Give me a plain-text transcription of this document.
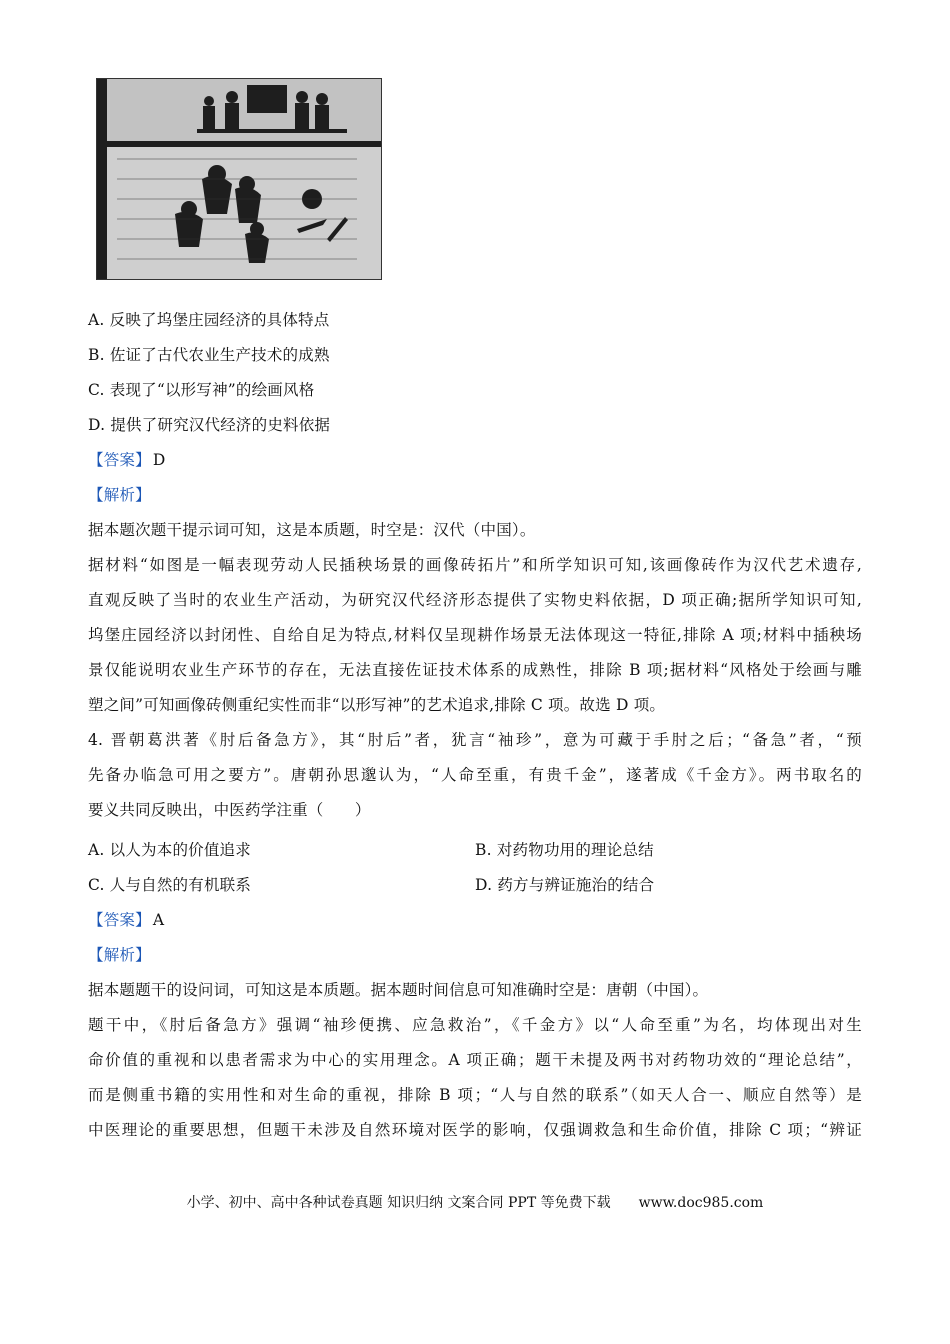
A. 反映了坞堡庄园经济的具体特点
B. 佐证了古代农业生产技术的成熟
C. 表现了“以形写神”的绘画风格
D. 提供了研究汉代经济的史料依据
【答案】 D
【解析】
据本题次题干提示词可知，这是本质题，时空是：汉代（中国）。
据材料“如图是一幅表现劳动人民插秧场景的画像砖拓片”和所学知识可知,该画像砖作为汉代艺术遗存,
直观反映了当时的农业生产活动，为研究汉代经济形态提供了实物史料依据，D 项正确;据所学知识可知,
坞堡庄园经济以封闭性、自给自足为特点,材料仅呈现耕作场景无法体现这一特征,排除 A 项;材料中插秧场
景仅能说明农业生产环节的存在，无法直接佐证技术体系的成熟性，排除 B 项;据材料“风格处于绘画与雕
塑之间”可知画像砖侧重纪实性而非“以形写神”的艺术追求,排除 C 项。故选 D 项。
4. 晋朝葛洪著《肘后备急方》，其“肘后”者，犹言“袖珍”，意为可藏于手肘之后；“备急”者，“预
先备办临急可用之要方”。唐朝孙思邈认为，“人命至重，有贵千金”，遂著成《千金方》。两书取名的
要义共同反映出，中医药学注重（　　）
A. 以人为本的价值追求	B. 对药物功用的理论总结
C. 人与自然的有机联系	D. 药方与辨证施治的结合
【答案】 A
【解析】
据本题题干的设问词，可知这是本质题。据本题时间信息可知准确时空是：唐朝（中国）。
题干中，《肘后备急方》强调“袖珍便携、应急救治”，《千金方》以“人命至重”为名，均体现出对生
命价值的重视和以患者需求为中心的实用理念。A 项正确；题干未提及两书对药物功效的“理论总结”，
而是侧重书籍的实用性和对生命的重视，排除 B 项；“人与自然的联系”（如天人合一、顺应自然等）是
中医理论的重要思想，但题干未涉及自然环境对医学的影响，仅强调救急和生命价值，排除 C 项；“辨证
小学、初中、高中各种试卷真题 知识归纳 文案合同 PPT 等免费下载 www.doc985.com
